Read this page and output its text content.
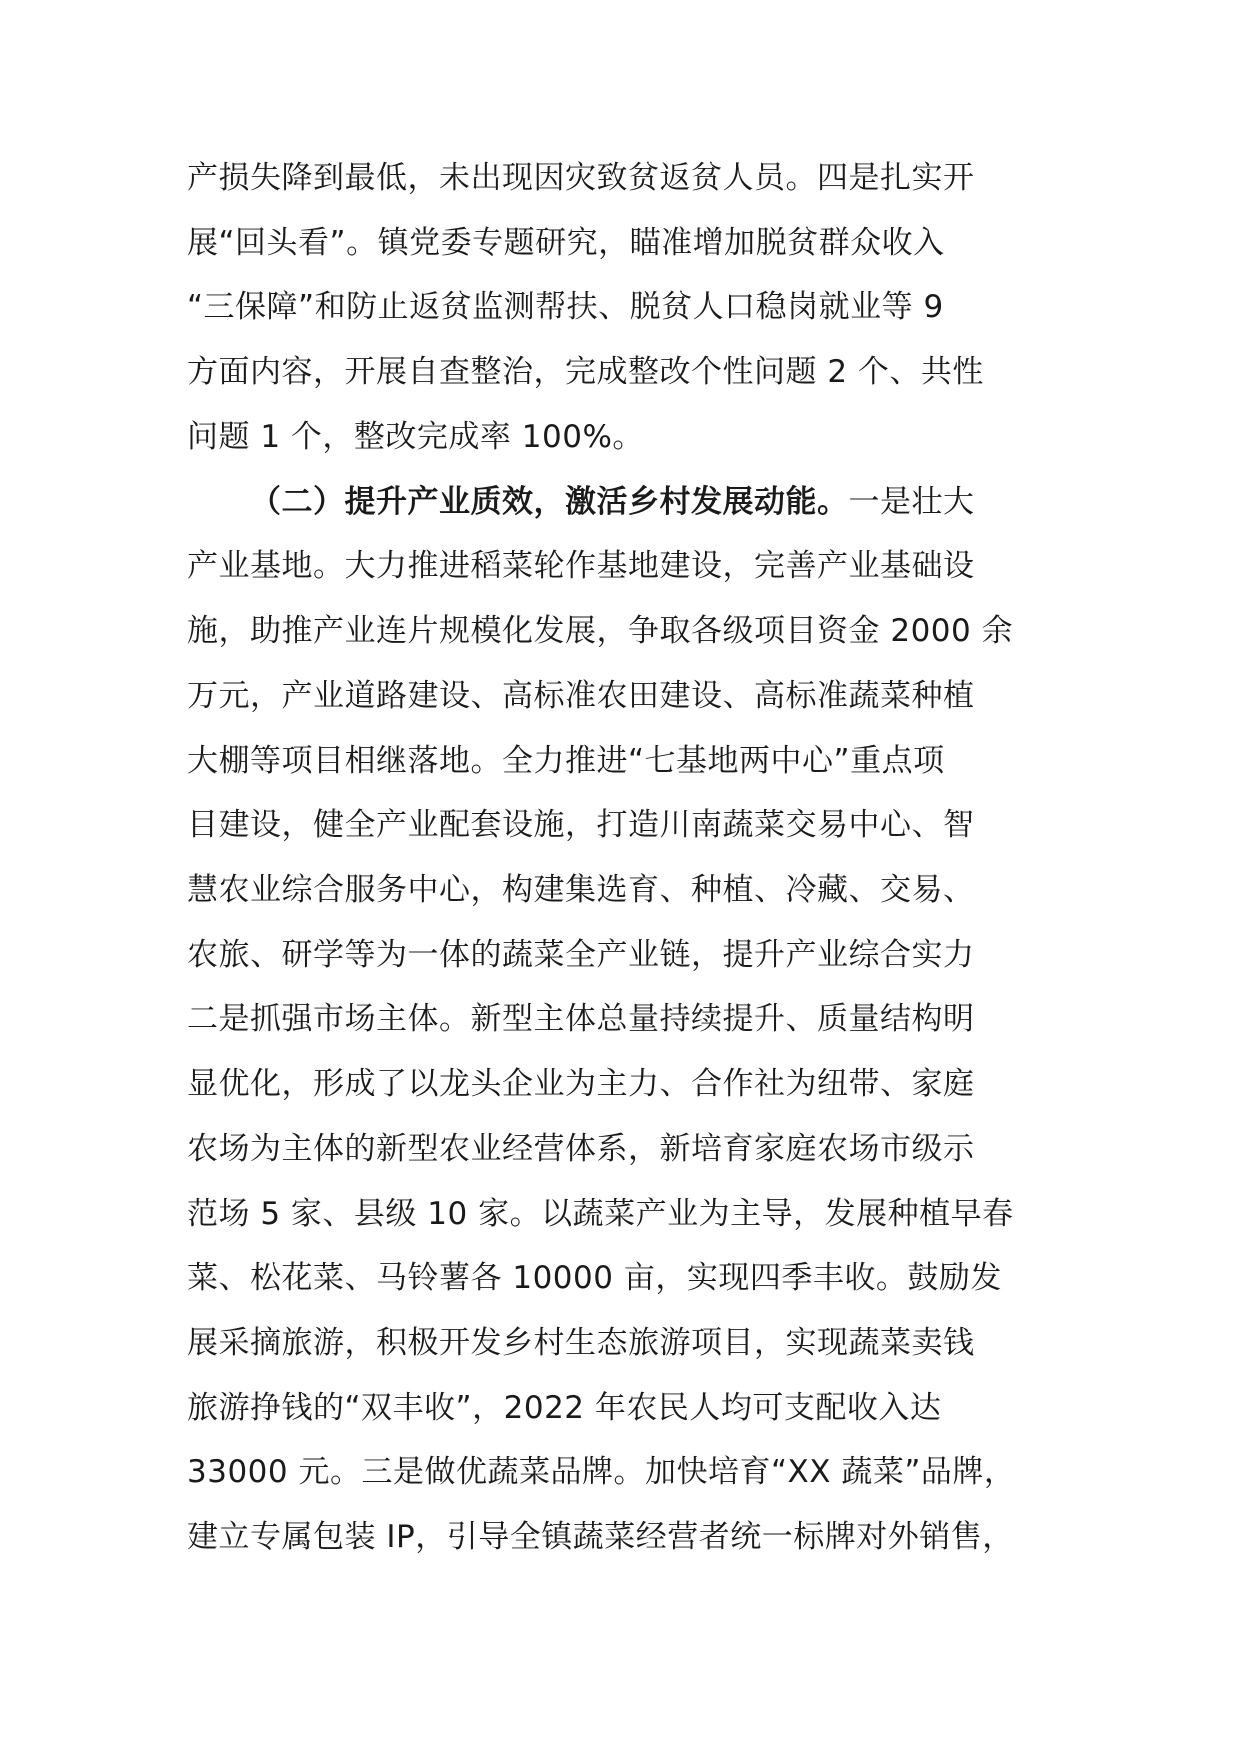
产损失降到最低，未出现因灾致贫返贫人员。四是扎实开
展“回头看”。镇党委专题研究，瞄准增加脱贫群众收入
“三保障”和防止返贫监测帮扶、脱贫人口稳岗就业等 9
方面内容，开展自查整治，完成整改个性问题 2 个、共性
问题 1 个，整改完成率 100%。
（二）提升产业质效，激活乡村发展动能。一是壮大
产业基地。大力推进稻菜轮作基地建设，完善产业基础设
施，助推产业连片规模化发展，争取各级项目资金 2000 余
万元，产业道路建设、高标准农田建设、高标准蔬菜种植
大棚等项目相继落地。全力推进“七基地两中心”重点项
目建设，健全产业配套设施，打造川南蔬菜交易中心、智
慧农业综合服务中心，构建集选育、种植、冷藏、交易、
农旅、研学等为一体的蔬菜全产业链，提升产业综合实力
二是抓强市场主体。新型主体总量持续提升、质量结构明
显优化，形成了以龙头企业为主力、合作社为纽带、家庭
农场为主体的新型农业经营体系，新培育家庭农场市级示
范场 5 家、县级 10 家。以蔬菜产业为主导，发展种植早春
菜、松花菜、马铃薯各 10000 亩，实现四季丰收。鼓励发
展采摘旅游，积极开发乡村生态旅游项目，实现蔬菜卖钱
旅游挣钱的“双丰收”，2022 年农民人均可支配收入达
33000 元。三是做优蔬菜品牌。加快培育“XX 蔬菜”品牌，
建立专属包装 IP，引导全镇蔬菜经营者统一标牌对外销售，
